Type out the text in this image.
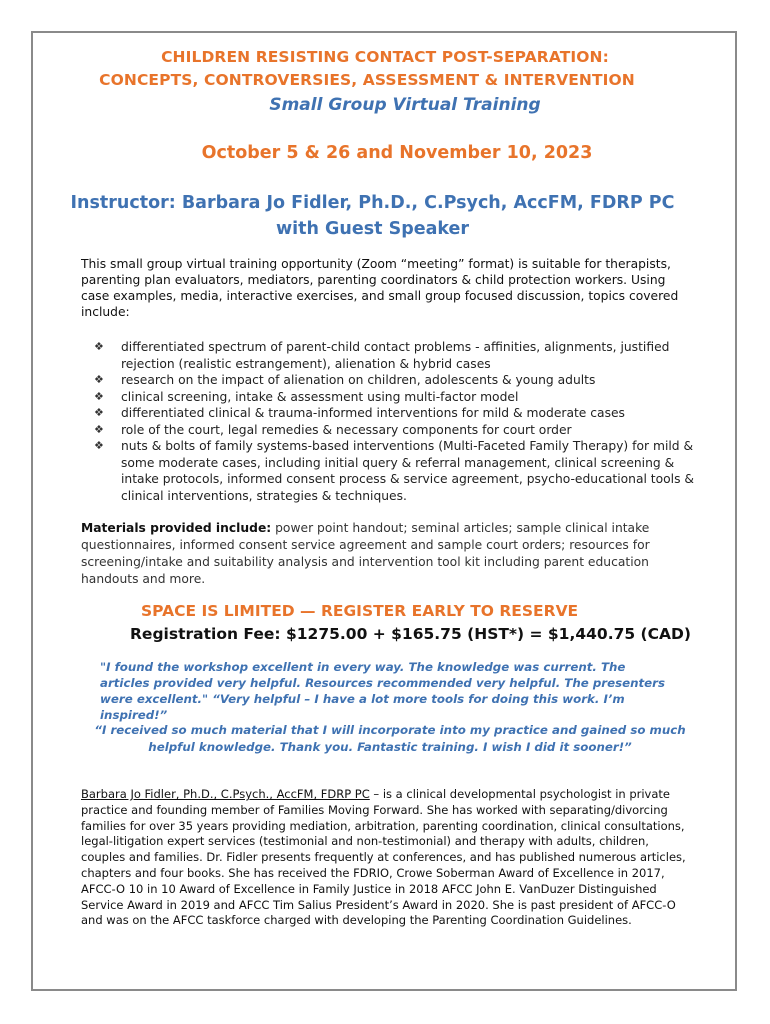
CHILDREN RESISTING CONTACT POST-SEPARATION:
CONCEPTS, CONTROVERSIES, ASSESSMENT & INTERVENTION
Small Group Virtual Training
October 5 & 26 and November 10, 2023
Instructor: Barbara Jo Fidler, Ph.D., C.Psych, AccFM, FDRP PC
with Guest Speaker
This small group virtual training opportunity (Zoom “meeting” format) is suitable for therapists, parenting plan evaluators, mediators, parenting coordinators & child protection workers. Using case examples, media, interactive exercises, and small group focused discussion, topics covered include:
❖ differentiated spectrum of parent-child contact problems - affinities, alignments, justified rejection (realistic estrangement), alienation & hybrid cases
❖ research on the impact of alienation on children, adolescents & young adults
❖ clinical screening, intake & assessment using multi-factor model
❖ differentiated clinical & trauma-informed interventions for mild & moderate cases
❖ role of the court, legal remedies & necessary components for court order
❖ nuts & bolts of family systems-based interventions (Multi-Faceted Family Therapy) for mild & some moderate cases, including initial query & referral management, clinical screening & intake protocols, informed consent process & service agreement, psycho-educational tools & clinical interventions, strategies & techniques.
Materials provided include: power point handout; seminal articles; sample clinical intake questionnaires, informed consent service agreement and sample court orders; resources for screening/intake and suitability analysis and intervention tool kit including parent education handouts and more.
SPACE IS LIMITED — REGISTER EARLY TO RESERVE
Registration Fee: $1275.00 + $165.75 (HST*) = $1,440.75 (CAD)
"I found the workshop excellent in every way. The knowledge was current. The articles provided very helpful. Resources recommended very helpful. The presenters were excellent." “Very helpful – I have a lot more tools for doing this work. I’m inspired!”
“I received so much material that I will incorporate into my practice and gained so much helpful knowledge. Thank you. Fantastic training. I wish I did it sooner!”
Barbara Jo Fidler, Ph.D., C.Psych., AccFM, FDRP PC – is a clinical developmental psychologist in private practice and founding member of Families Moving Forward. She has worked with separating/divorcing families for over 35 years providing mediation, arbitration, parenting coordination, clinical consultations, legal-litigation expert services (testimonial and non-testimonial) and therapy with adults, children, couples and families. Dr. Fidler presents frequently at conferences, and has published numerous articles, chapters and four books. She has received the FDRIO, Crowe Soberman Award of Excellence in 2017, AFCC-O 10 in 10 Award of Excellence in Family Justice in 2018 AFCC John E. VanDuzer Distinguished Service Award in 2019 and AFCC Tim Salius President’s Award in 2020. She is past president of AFCC-O and was on the AFCC taskforce charged with developing the Parenting Coordination Guidelines.
